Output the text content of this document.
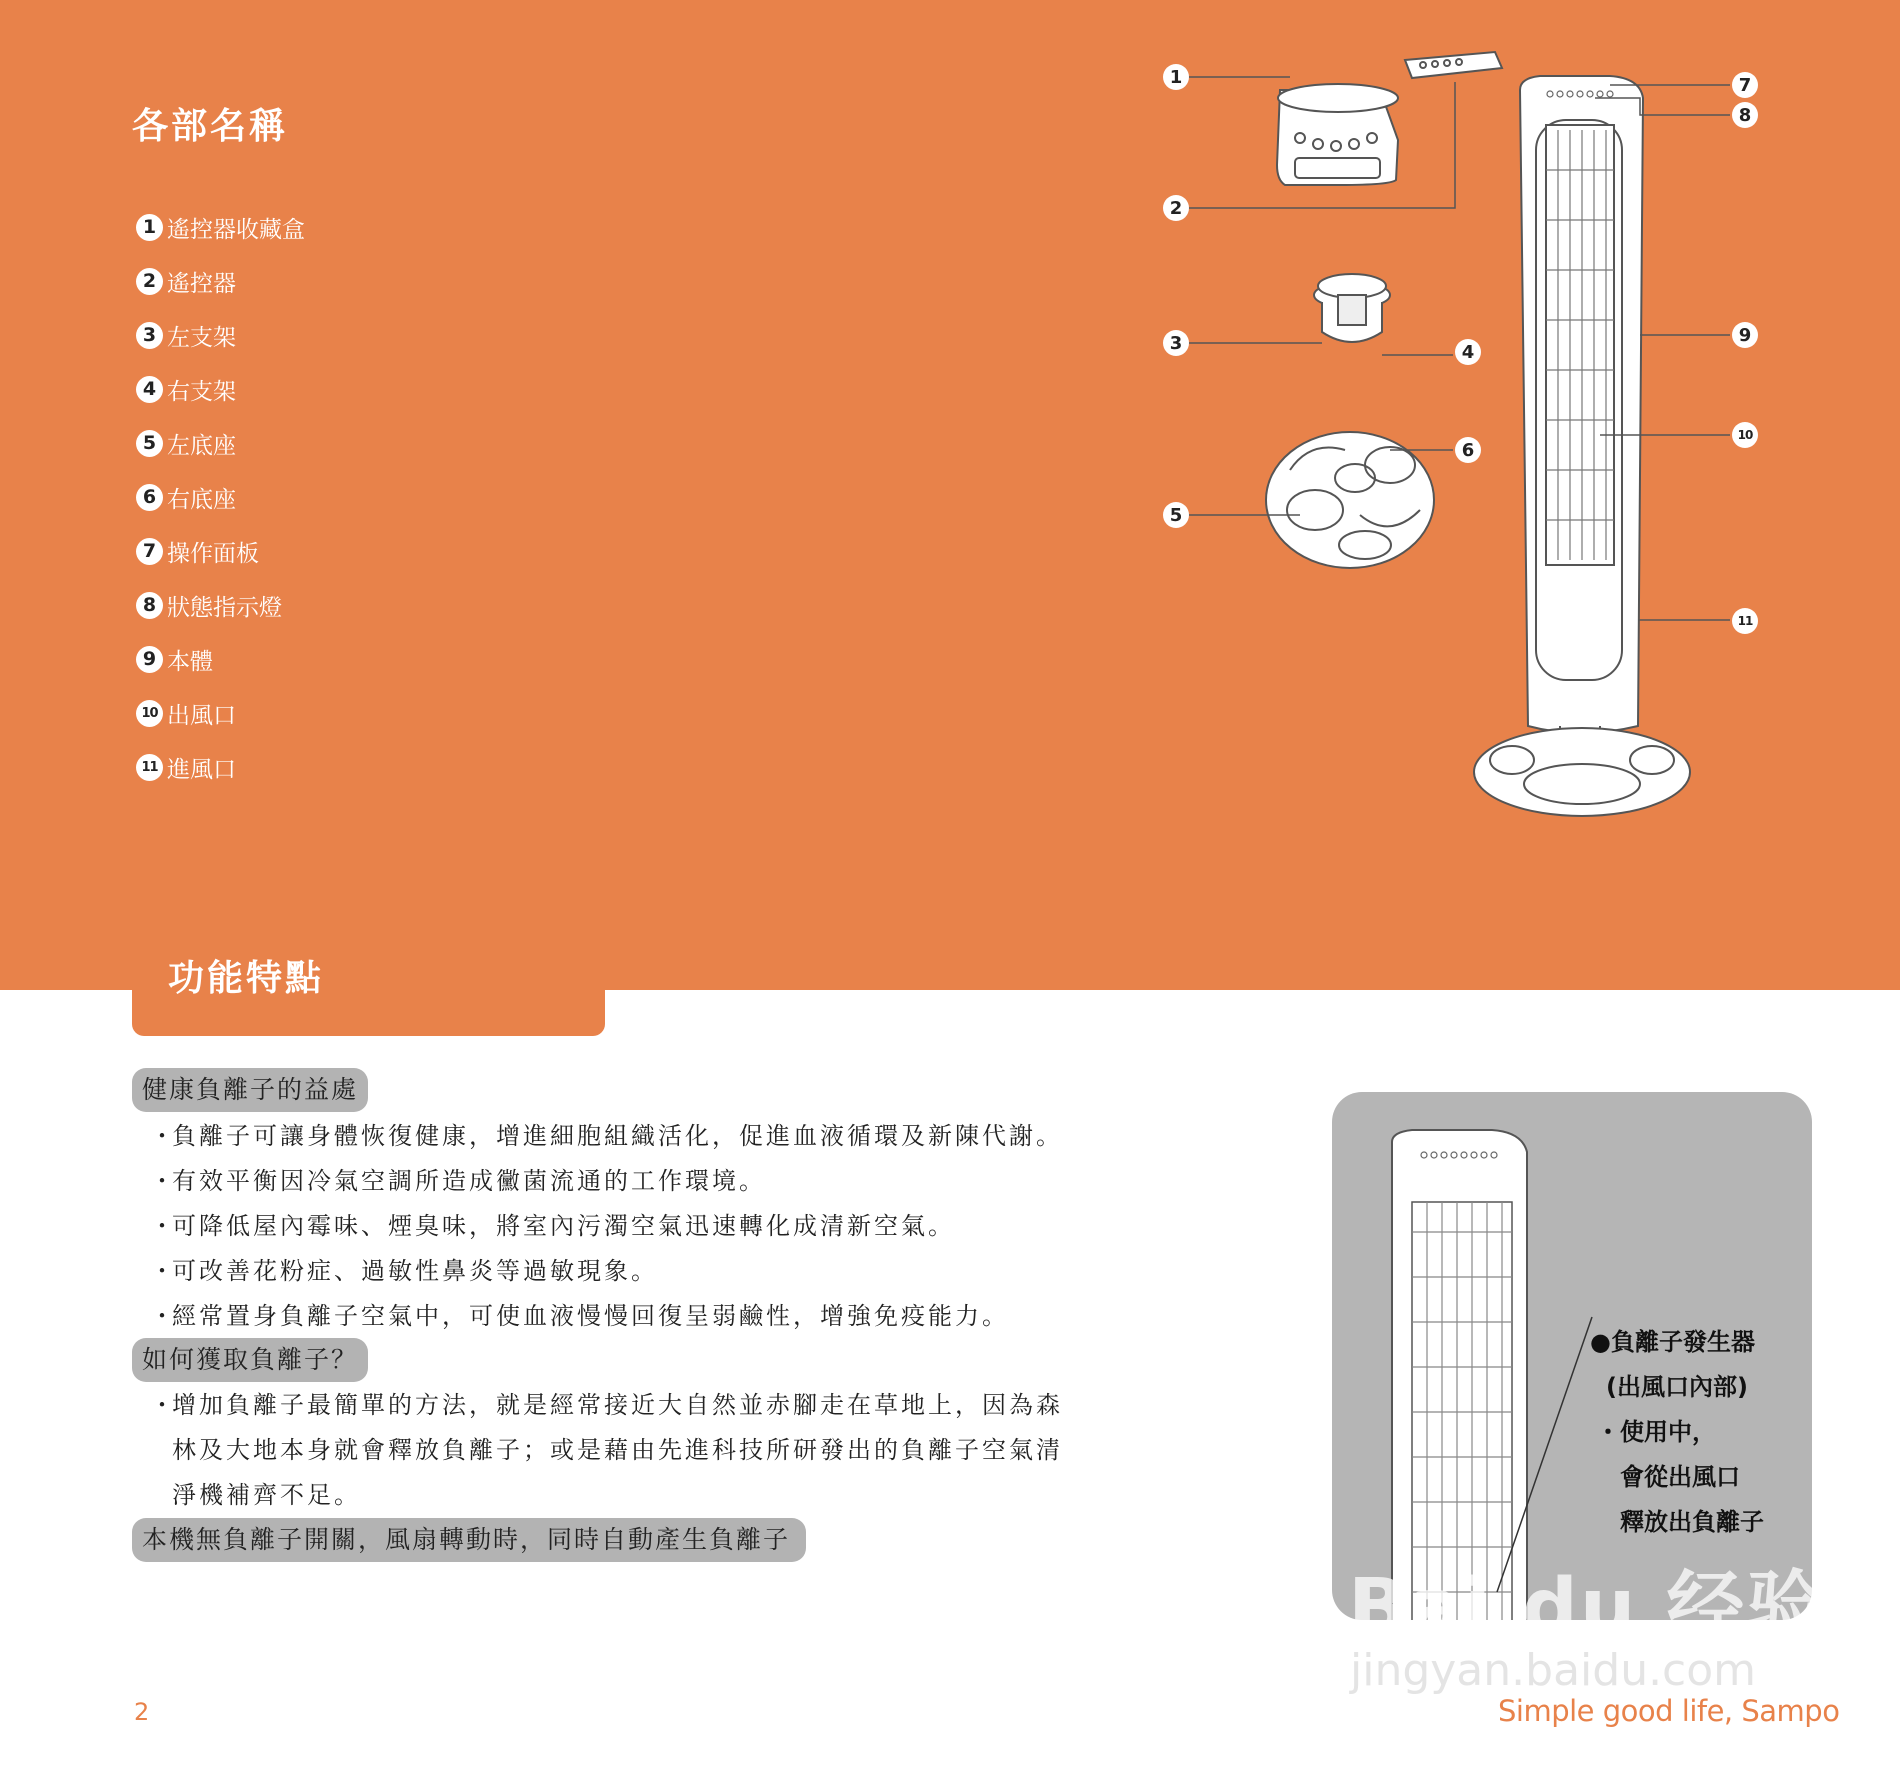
各部名稱
1 遙控器收藏盒
2 遙控器
3 左支架
4 右支架
5 左底座
6 右底座
7 操作面板
8 狀態指示燈
9 本體
10 出風口
11 進風口
1
2
3	4
5
6
7
8
9
10
11
功能特點
健康負離子的益處
・負離子可讓身體恢復健康，增進細胞組織活化，促進血液循環及新陳代謝。
・有效平衡因冷氣空調所造成黴菌流通的工作環境。
・可降低屋內霉味、煙臭味，將室內污濁空氣迅速轉化成清新空氣。
・可改善花粉症、過敏性鼻炎等過敏現象。
・經常置身負離子空氣中，可使血液慢慢回復呈弱鹼性，增強免疫能力。
如何獲取負離子？
・增加負離子最簡單的方法，就是經常接近大自然並赤腳走在草地上，因為森
林及大地本身就會釋放負離子；或是藉由先進科技所研發出的負離子空氣清
淨機補齊不足。
本機無負離子開關，風扇轉動時，同時自動產生負離子
●負離子發生器
(出風口內部)
・使用中，
　會從出風口
　釋放出負離子
Bai du 经验
jingyan.baidu.com
2	Simple good life, Sampo
